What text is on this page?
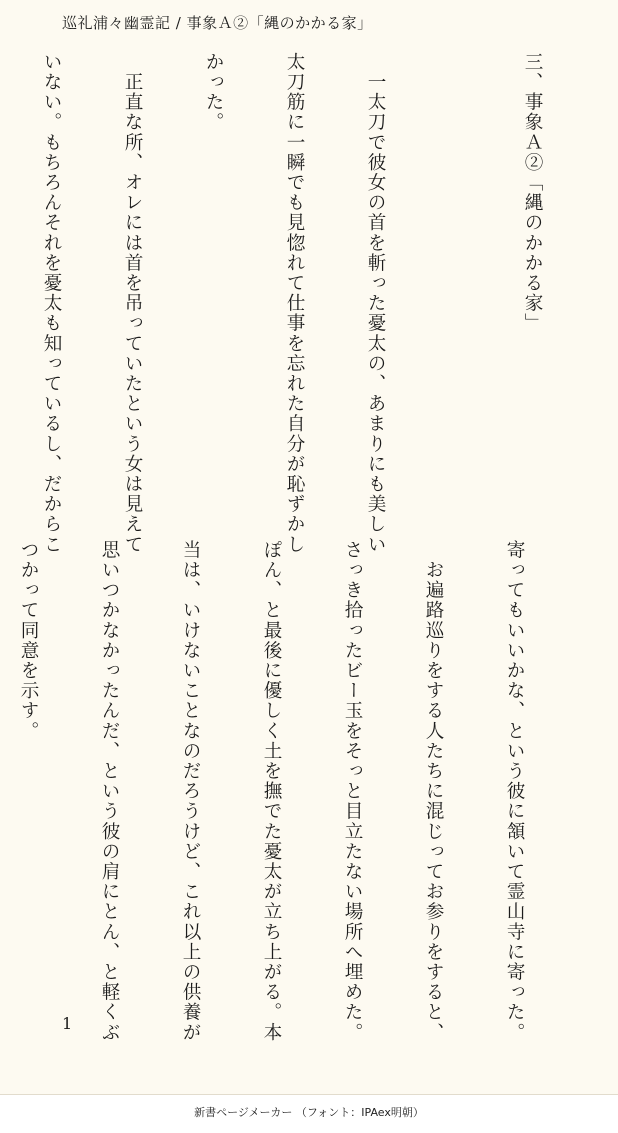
巡礼浦々幽霊記 / 事象Ａ②「縄のかかる家」

三、事象Ａ②「縄のかかる家」

　一太刀で彼女の首を斬った憂太の、あまりにも美しい

太刀筋に一瞬でも見惚れて仕事を忘れた自分が恥ずかし

かった。

　正直な所、オレには首を吊っていたという女は見えて

いない。もちろんそれを憂太も知っているし、だからこ

寄ってもいいかな、という彼に頷いて霊山寺に寄った。

　お遍路巡りをする人たちに混じってお参りをすると、

さっき拾ったビー玉をそっと目立たない場所へ埋めた。

ぽん、と最後に優しく土を撫でた憂太が立ち上がる。本

当は、いけないことなのだろうけど、これ以上の供養が

思いつかなかったんだ、という彼の肩にとん、と軽くぶ

つかって同意を示す。

1
新書ページメーカー （フォント：IPAex明朝）
